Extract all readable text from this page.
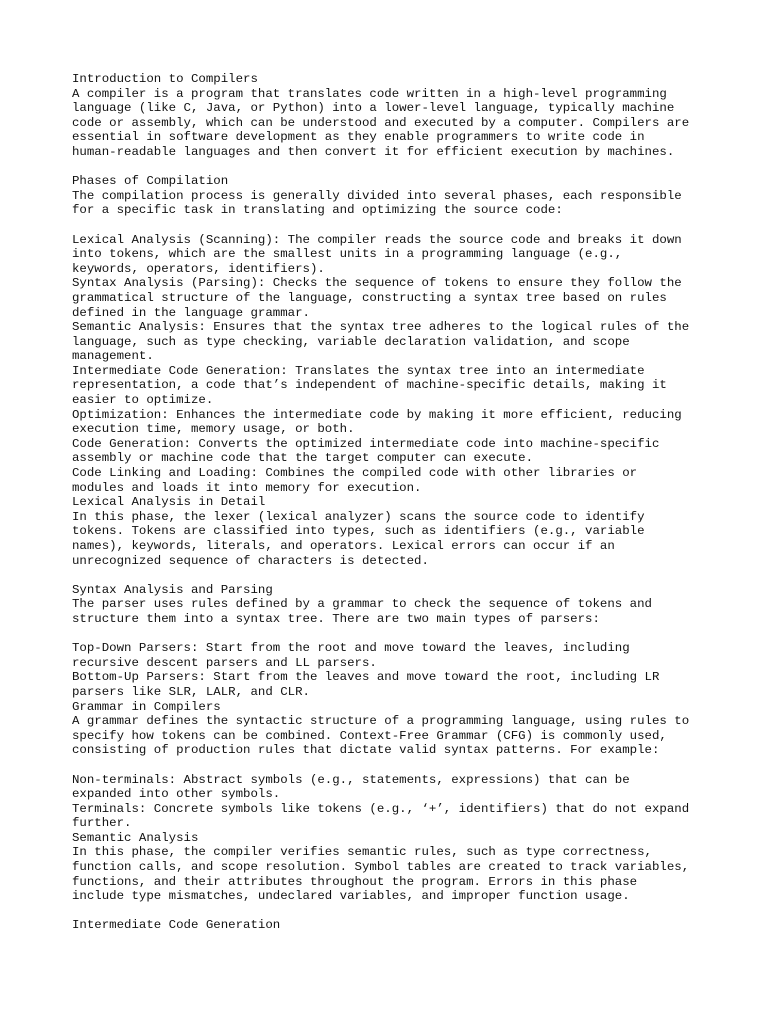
Introduction to Compilers
A compiler is a program that translates code written in a high-level programming
language (like C, Java, or Python) into a lower-level language, typically machine
code or assembly, which can be understood and executed by a computer. Compilers are
essential in software development as they enable programmers to write code in
human-readable languages and then convert it for efficient execution by machines.
Phases of Compilation
The compilation process is generally divided into several phases, each responsible
for a specific task in translating and optimizing the source code:
Lexical Analysis (Scanning): The compiler reads the source code and breaks it down
into tokens, which are the smallest units in a programming language (e.g.,
keywords, operators, identifiers).
Syntax Analysis (Parsing): Checks the sequence of tokens to ensure they follow the
grammatical structure of the language, constructing a syntax tree based on rules
defined in the language grammar.
Semantic Analysis: Ensures that the syntax tree adheres to the logical rules of the
language, such as type checking, variable declaration validation, and scope
management.
Intermediate Code Generation: Translates the syntax tree into an intermediate
representation, a code that’s independent of machine-specific details, making it
easier to optimize.
Optimization: Enhances the intermediate code by making it more efficient, reducing
execution time, memory usage, or both.
Code Generation: Converts the optimized intermediate code into machine-specific
assembly or machine code that the target computer can execute.
Code Linking and Loading: Combines the compiled code with other libraries or
modules and loads it into memory for execution.
Lexical Analysis in Detail
In this phase, the lexer (lexical analyzer) scans the source code to identify
tokens. Tokens are classified into types, such as identifiers (e.g., variable
names), keywords, literals, and operators. Lexical errors can occur if an
unrecognized sequence of characters is detected.
Syntax Analysis and Parsing
The parser uses rules defined by a grammar to check the sequence of tokens and
structure them into a syntax tree. There are two main types of parsers:
Top-Down Parsers: Start from the root and move toward the leaves, including
recursive descent parsers and LL parsers.
Bottom-Up Parsers: Start from the leaves and move toward the root, including LR
parsers like SLR, LALR, and CLR.
Grammar in Compilers
A grammar defines the syntactic structure of a programming language, using rules to
specify how tokens can be combined. Context-Free Grammar (CFG) is commonly used,
consisting of production rules that dictate valid syntax patterns. For example:
Non-terminals: Abstract symbols (e.g., statements, expressions) that can be
expanded into other symbols.
Terminals: Concrete symbols like tokens (e.g., ‘+’, identifiers) that do not expand
further.
Semantic Analysis
In this phase, the compiler verifies semantic rules, such as type correctness,
function calls, and scope resolution. Symbol tables are created to track variables,
functions, and their attributes throughout the program. Errors in this phase
include type mismatches, undeclared variables, and improper function usage.
Intermediate Code Generation
